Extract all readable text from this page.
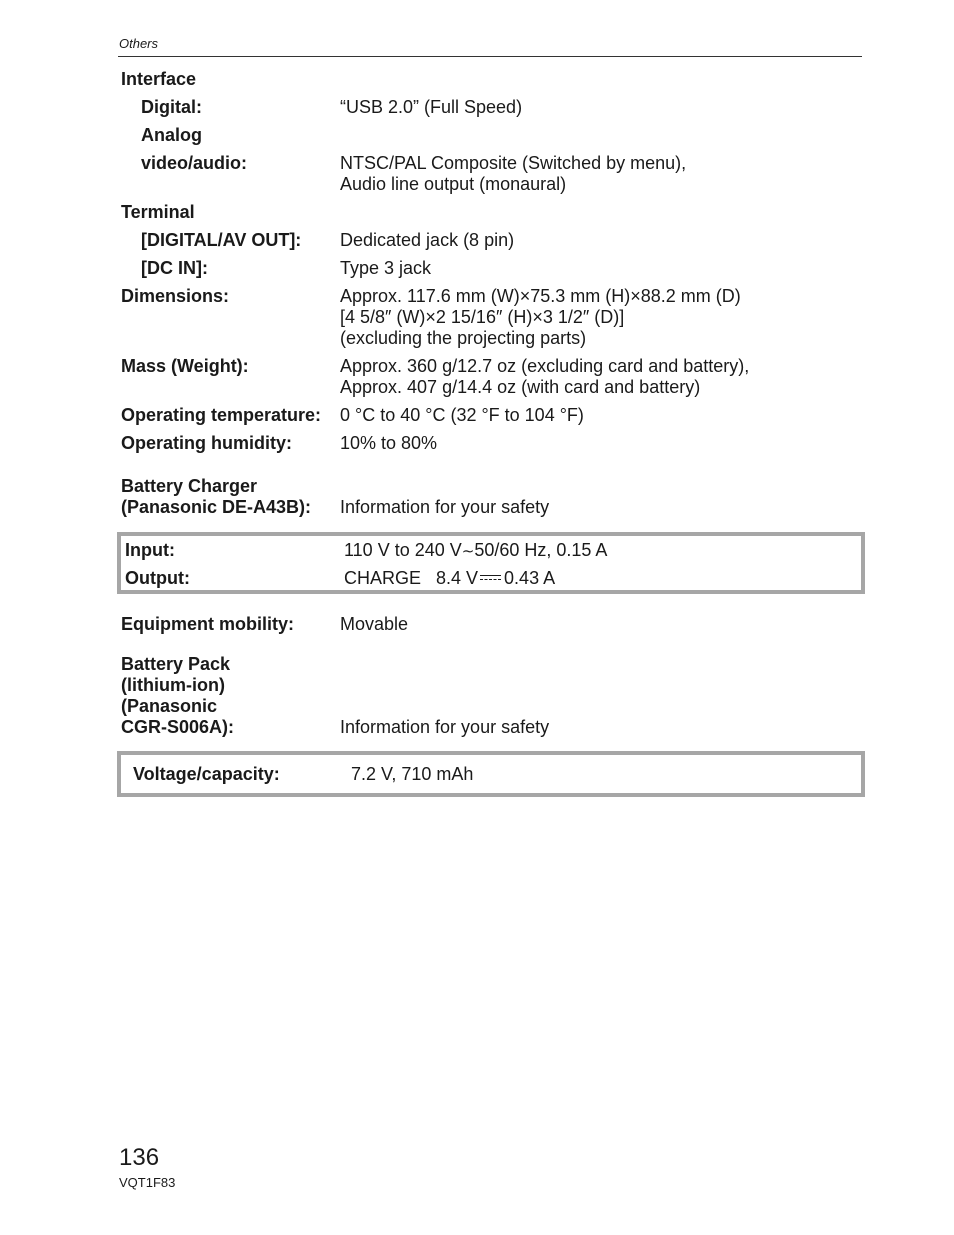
Others
Interface
Digital:	“USB 2.0” (Full Speed)
Analog
video/audio:	NTSC/PAL Composite (Switched by menu),
Audio line output (monaural)
Terminal
[DIGITAL/AV OUT]: Dedicated jack (8 pin)
[DC IN]:	Type 3 jack
Dimensions:	Approx. 117.6 mm (W)×75.3 mm (H)×88.2 mm (D)
[4 5/8″ (W)×2 15/16″ (H)×3 1/2″ (D)]
(excluding the projecting parts)
Mass (Weight):	Approx. 360 g/12.7 oz (excluding card and battery),
Approx. 407 g/14.4 oz (with card and battery)
Operating temperature: 0 °C to 40 °C (32 °F to 104 °F)
Operating humidity:	10% to 80%
Battery Charger
(Panasonic DE-A43B): Information for your safety
Input:	110 V to 240 V∼50/60 Hz, 0.15 A
Output:	CHARGE   8.4 V 0.43 A
Equipment mobility:	Movable
Battery Pack
(lithium-ion)
(Panasonic
CGR-S006A):	Information for your safety
Voltage/capacity:	7.2 V, 710 mAh
136
VQT1F83
